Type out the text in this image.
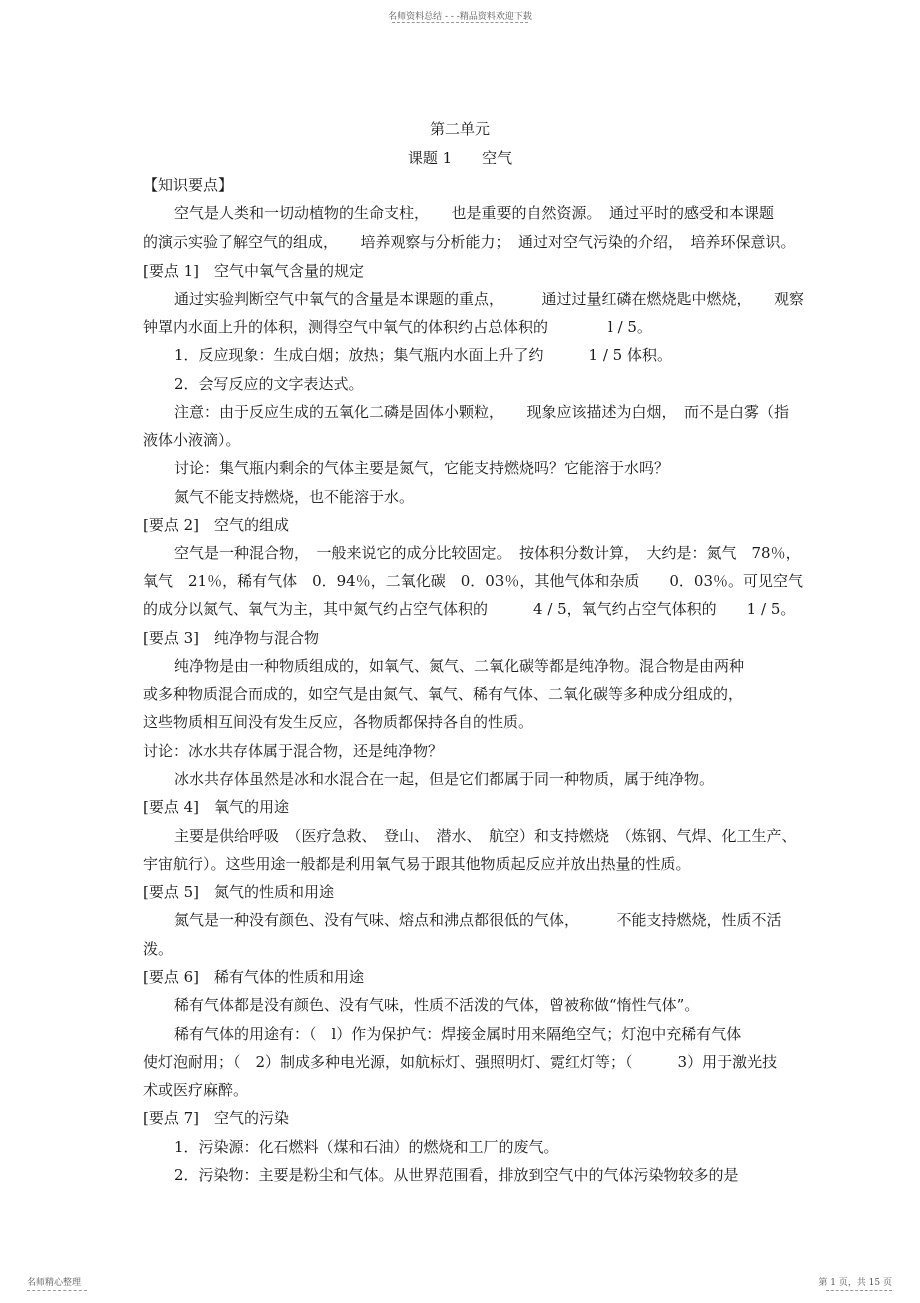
名师资料总结 - - -精品资料欢迎下载
第二单元
课题 1　　空气
【知识要点】
空气是人类和一切动植物的生命支柱，　　也是重要的自然资源。　通过平时的感受和本课题
的演示实验了解空气的组成，　　培养观察与分析能力；　通过对空气污染的介绍，　培养环保意识。
[要点 1]　空气中氧气含量的规定
通过实验判断空气中氧气的含量是本课题的重点，　　　通过过量红磷在燃烧匙中燃烧，　　观察
钟罩内水面上升的体积，测得空气中氧气的体积约占总体积的　　　　l / 5。
1．反应现象：生成白烟；放热；集气瓶内水面上升了约　　　1 / 5 体积。
2．会写反应的文字表达式。
注意：由于反应生成的五氧化二磷是固体小颗粒，　　现象应该描述为白烟，　而不是白雾（指
液体小液滴）。
讨论：集气瓶内剩余的气体主要是氮气，它能支持燃烧吗？它能溶于水吗？
氮气不能支持燃烧，也不能溶于水。
[要点 2]　空气的组成
空气是一种混合物，　一般来说它的成分比较固定。　按体积分数计算，　大约是：氮气　78％，
氧气　21％，稀有气体　0．94％，二氧化碳　0．03％，其他气体和杂质　　0．03％。可见空气
的成分以氮气、氧气为主，其中氮气约占空气体积的　　　4 / 5，氧气约占空气体积的　　1 / 5。
[要点 3]　纯净物与混合物
纯净物是由一种物质组成的，如氧气、氮气、二氧化碳等都是纯净物。混合物是由两种
或多种物质混合而成的，如空气是由氮气、氧气、稀有气体、二氧化碳等多种成分组成的，
这些物质相互间没有发生反应，各物质都保持各自的性质。
讨论：冰水共存体属于混合物，还是纯净物？
冰水共存体虽然是冰和水混合在一起，但是它们都属于同一种物质，属于纯净物。
[要点 4]　氧气的用途
主要是供给呼吸　（医疗急救、　登山、　潜水、　航空）和支持燃烧　（炼钢、气焊、化工生产、
宇宙航行）。这些用途一般都是利用氧气易于跟其他物质起反应并放出热量的性质。
[要点 5]　氮气的性质和用途
氮气是一种没有颜色、没有气味、熔点和沸点都很低的气体，　　　不能支持燃烧，性质不活
泼。
[要点 6]　稀有气体的性质和用途
稀有气体都是没有颜色、没有气味，性质不活泼的气体，曾被称做“惰性气体”。
稀有气体的用途有：（　l）作为保护气：焊接金属时用来隔绝空气；灯泡中充稀有气体
使灯泡耐用；（　2）制成多种电光源，如航标灯、强照明灯、霓红灯等；（　　　3）用于激光技
术或医疗麻醉。
[要点 7]　空气的污染
1．污染源：化石燃料（煤和石油）的燃烧和工厂的废气。
2．污染物：主要是粉尘和气体。从世界范围看，排放到空气中的气体污染物较多的是
名师精心整理	第 1 页，共 15 页
